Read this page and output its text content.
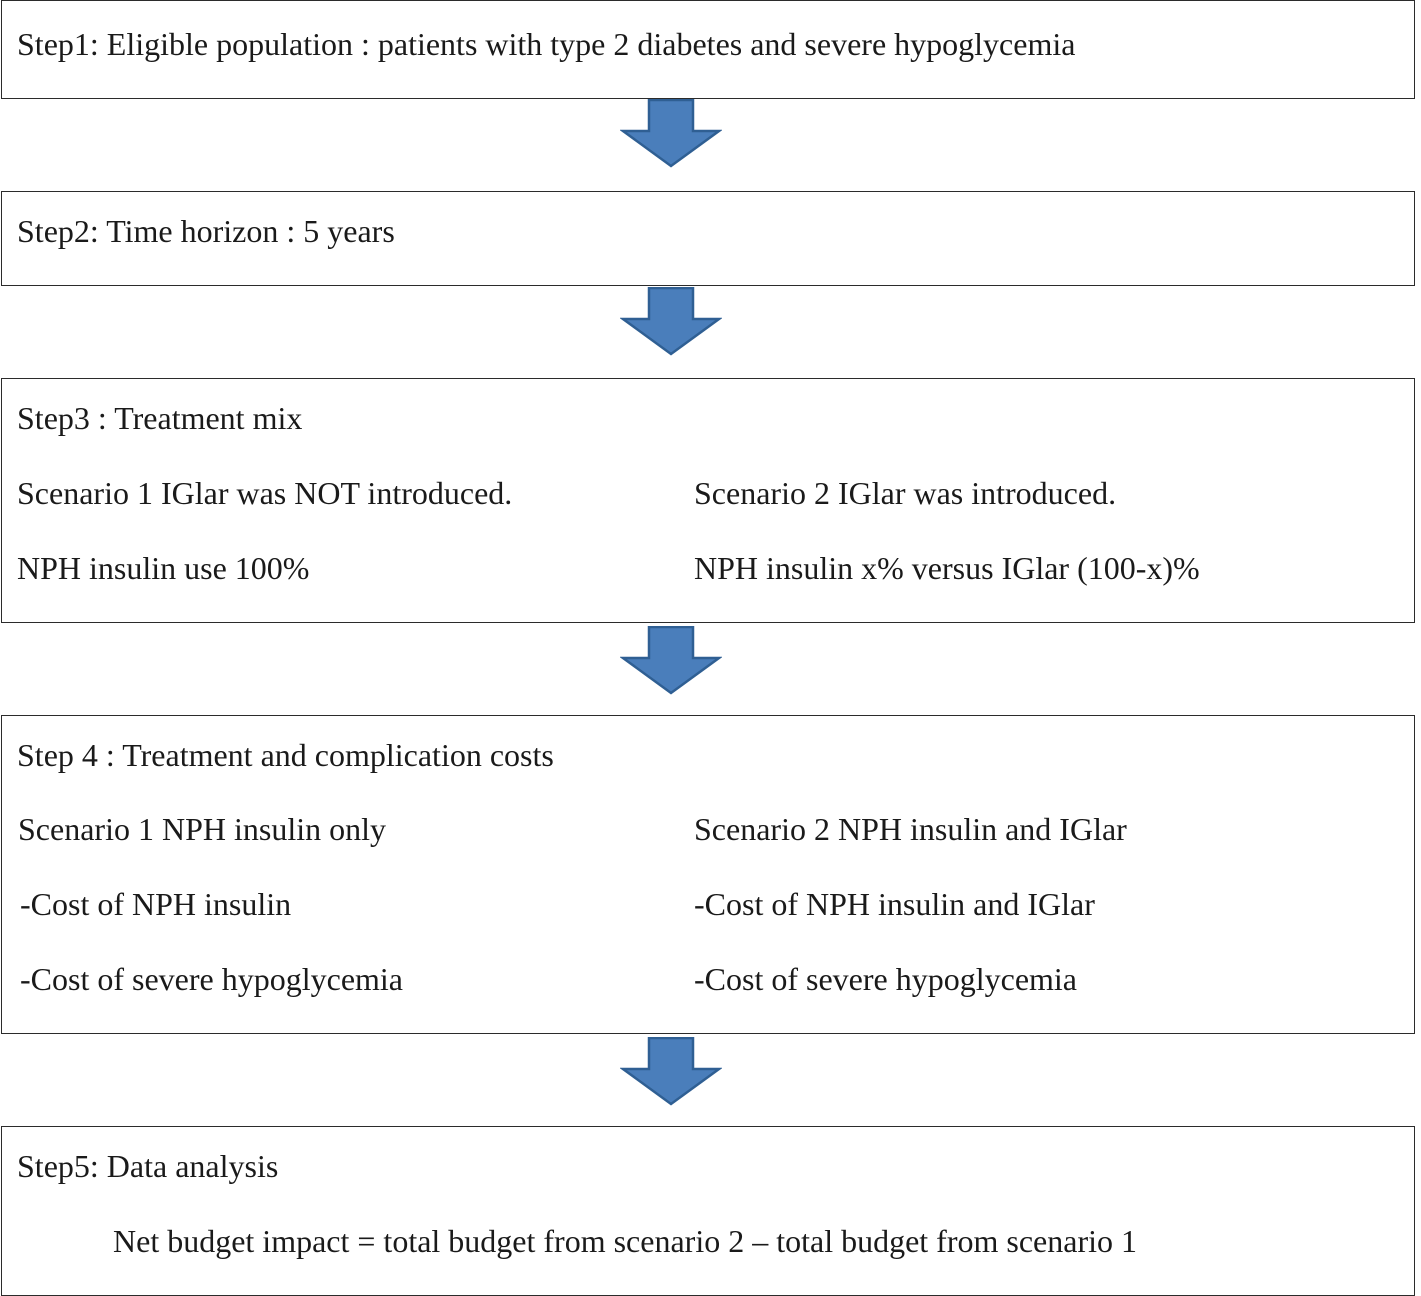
Step1: Eligible population : patients with type 2 diabetes and severe hypoglycemia
Step2: Time horizon : 5 years
Step3 : Treatment mix
Scenario 1 IGlar was NOT introduced.	Scenario 2 IGlar was introduced.
NPH insulin use 100%	NPH insulin x% versus IGlar (100-x)%
Step 4 : Treatment and complication costs
Scenario 1 NPH insulin only	Scenario 2 NPH insulin and IGlar
-Cost of NPH insulin	-Cost of NPH insulin and IGlar
-Cost of severe hypoglycemia	-Cost of severe hypoglycemia
Step5: Data analysis
Net budget impact = total budget from scenario 2 – total budget from scenario 1
